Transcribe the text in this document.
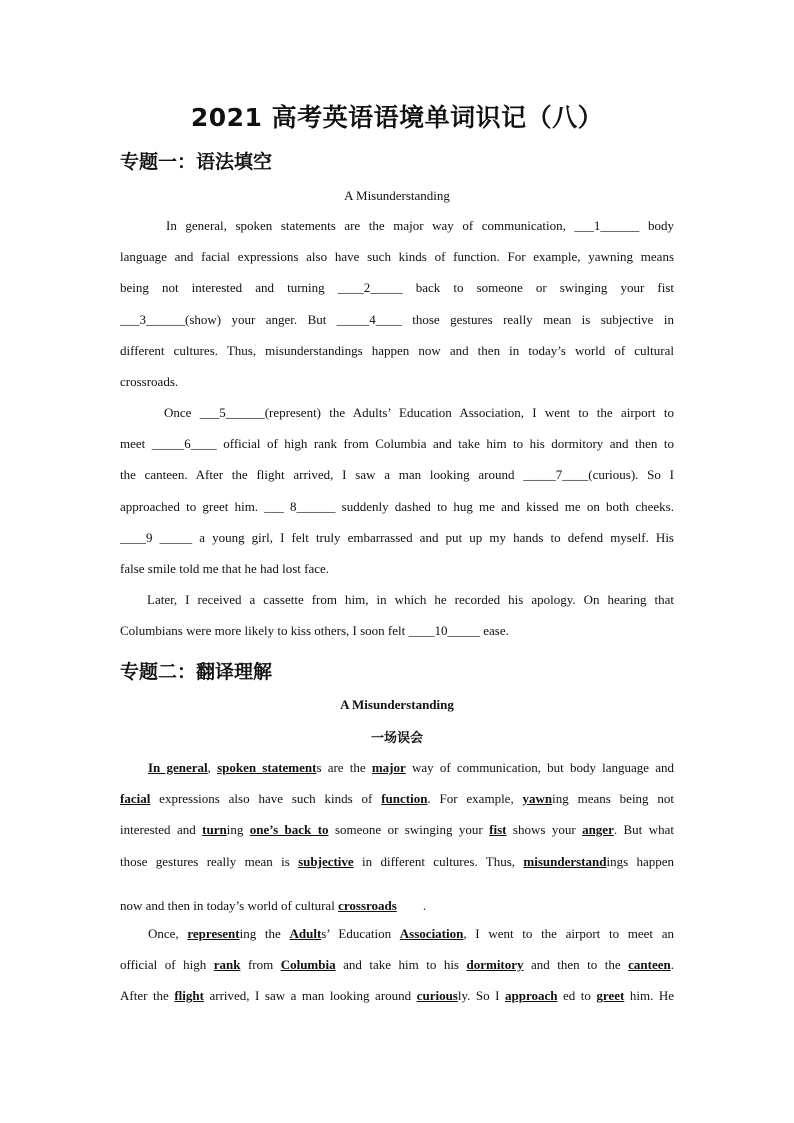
2021 高考英语语境单词识记（八）
专题一：语法填空
A Misunderstanding

In general, spoken statements are the major way of communication, ___1______ body
language and facial expressions also have such kinds of function. For example, yawning means
being not interested and turning ____2_____ back to someone or swinging your fist
___3______(show) your anger. But _____4____ those gestures really mean is subjective in
different cultures. Thus, misunderstandings happen now and then in today’s world of cultural
crossroads.

Once ___5______(represent) the Adults’ Education Association, I went to the airport to
meet _____6____ official of high rank from Columbia and take him to his dormitory and then to
the canteen. After the flight arrived, I saw a man looking around _____7____(curious). So I
approached to greet him. ___ 8______ suddenly dashed to hug me and kissed me on both cheeks.
____9 _____ a young girl, I felt truly embarrassed and put up my hands to defend myself. His
false smile told me that he had lost face.

Later, I received a cassette from him, in which he recorded his apology. On hearing that
Columbians were more likely to kiss others, I soon felt ____10_____ ease.

专题二：翻译理解
A Misunderstanding
一场误会

In general, spoken statements are the major way of communication, but body language and
facial expressions also have such kinds of function. For example, yawning means being not
interested and turning one’s back to someone or swinging your fist shows your anger. But what
those gestures really mean is subjective in different cultures. Thus, misunderstandings happen
now and then in today’s world of cultural crossroads        .

Once, representing the Adults’ Education Association, I went to the airport to meet an
official of high rank from Columbia and take him to his dormitory and then to the canteen.
After the flight arrived, I saw a man looking around curiously. So I approach ed to greet him. He
